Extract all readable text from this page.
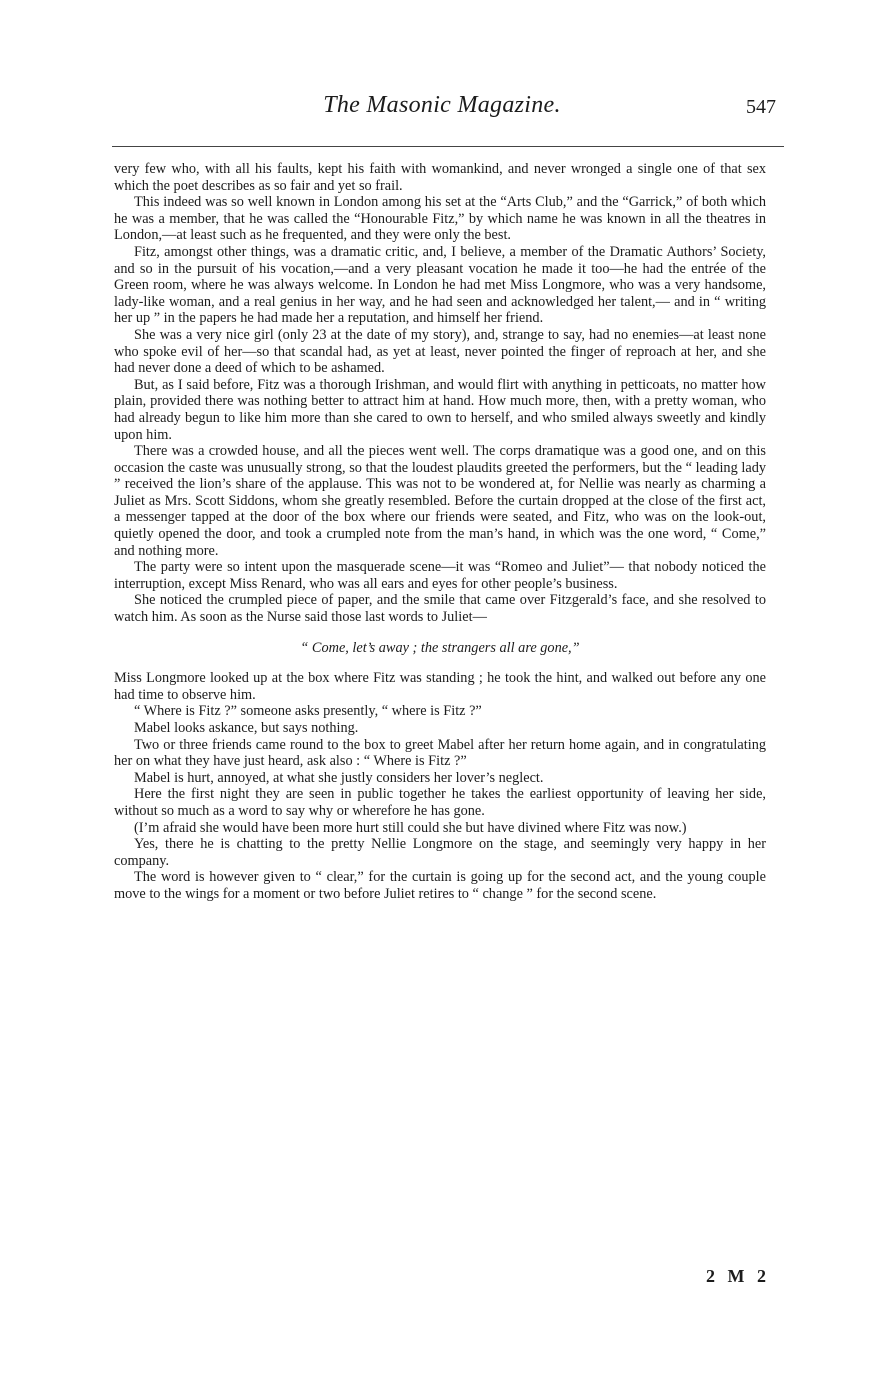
The Masonic Magazine.	547

very few who, with all his faults, kept his faith with womankind, and never wronged a single one of that sex which the poet describes as so fair and yet so frail.

This indeed was so well known in London among his set at the “Arts Club,” and the “Garrick,” of both which he was a member, that he was called the “Honourable Fitz,” by which name he was known in all the theatres in London,—at least such as he frequented, and they were only the best.

Fitz, amongst other things, was a dramatic critic, and, I believe, a member of the Dramatic Authors’ Society, and so in the pursuit of his vocation,—and a very pleasant vocation he made it too—he had the entrée of the Green room, where he was always welcome. In London he had met Miss Longmore, who was a very handsome, lady-like woman, and a real genius in her way, and he had seen and acknowledged her talent,— and in “ writing her up ” in the papers he had made her a reputation, and himself her friend.

She was a very nice girl (only 23 at the date of my story), and, strange to say, had no enemies—at least none who spoke evil of her—so that scandal had, as yet at least, never pointed the finger of reproach at her, and she had never done a deed of which to be ashamed.

But, as I said before, Fitz was a thorough Irishman, and would flirt with anything in petticoats, no matter how plain, provided there was nothing better to attract him at hand. How much more, then, with a pretty woman, who had already begun to like him more than she cared to own to herself, and who smiled always sweetly and kindly upon him.

There was a crowded house, and all the pieces went well. The corps dramatique was a good one, and on this occasion the caste was unusually strong, so that the loudest plaudits greeted the performers, but the “ leading lady ” received the lion’s share of the applause. This was not to be wondered at, for Nellie was nearly as charming a Juliet as Mrs. Scott Siddons, whom she greatly resembled. Before the curtain dropped at the close of the first act, a messenger tapped at the door of the box where our friends were seated, and Fitz, who was on the look-out, quietly opened the door, and took a crumpled note from the man’s hand, in which was the one word, “ Come,” and nothing more.

The party were so intent upon the masquerade scene—it was “Romeo and Juliet”— that nobody noticed the interruption, except Miss Renard, who was all ears and eyes for other people’s business.

She noticed the crumpled piece of paper, and the smile that came over Fitzgerald’s face, and she resolved to watch him. As soon as the Nurse said those last words to Juliet—

“ Come, let’s away ; the strangers all are gone,”

Miss Longmore looked up at the box where Fitz was standing ; he took the hint, and walked out before any one had time to observe him.

“ Where is Fitz ?” someone asks presently, “ where is Fitz ?”

Mabel looks askance, but says nothing.

Two or three friends came round to the box to greet Mabel after her return home again, and in congratulating her on what they have just heard, ask also : “ Where is Fitz ?”

Mabel is hurt, annoyed, at what she justly considers her lover’s neglect.

Here the first night they are seen in public together he takes the earliest opportunity of leaving her side, without so much as a word to say why or wherefore he has gone.

(I’m afraid she would have been more hurt still could she but have divined where Fitz was now.)

Yes, there he is chatting to the pretty Nellie Longmore on the stage, and seemingly very happy in her company.

The word is however given to “ clear,” for the curtain is going up for the second act, and the young couple move to the wings for a moment or two before Juliet retires to “ change ” for the second scene.

2 M 2
